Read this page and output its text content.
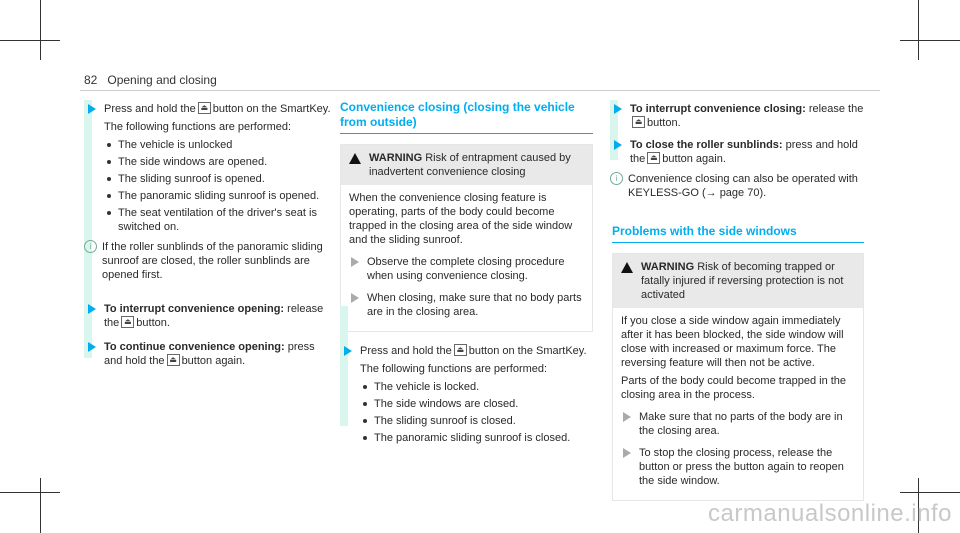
82 Opening and closing
Press and hold the ⏏ button on the SmartKey.

The following functions are performed:

The vehicle is unlocked
The side windows are opened.
The sliding sunroof is opened.
The panoramic sliding sunroof is opened.
The seat ventilation of the driver's seat is switched on.
i If the roller sunblinds of the panoramic sliding sunroof are closed, the roller sunblinds are opened first.
To interrupt convenience opening: release the ⏏ button.
To continue convenience opening: press and hold the ⏏ button again.
Convenience closing (closing the vehicle from outside)
WARNING Risk of entrapment caused by inadvertent convenience closing

When the convenience closing feature is operating, parts of the body could become trapped in the closing area of the side window and the sliding sunroof.

Observe the complete closing procedure when using convenience closing.
When closing, make sure that no body parts are in the closing area.
Press and hold the ⏏ button on the SmartKey.

The following functions are performed:

The vehicle is locked.
The side windows are closed.
The sliding sunroof is closed.
The panoramic sliding sunroof is closed.
To interrupt convenience closing: release the⏏ button.
To close the roller sunblinds: press and hold the ⏏ button again.
i Convenience closing can also be operated with KEYLESS-GO (→ page 70).
Problems with the side windows
WARNING Risk of becoming trapped or fatally injured if reversing protection is not activated

If you close a side window again immediately after it has been blocked, the side window will close with increased or maximum force. The reversing feature will then not be active.

Parts of the body could become trapped in the closing area in the process.

Make sure that no parts of the body are in the closing area.
To stop the closing process, release the button or press the button again to reopen the side window.
carmanualsonline.info
